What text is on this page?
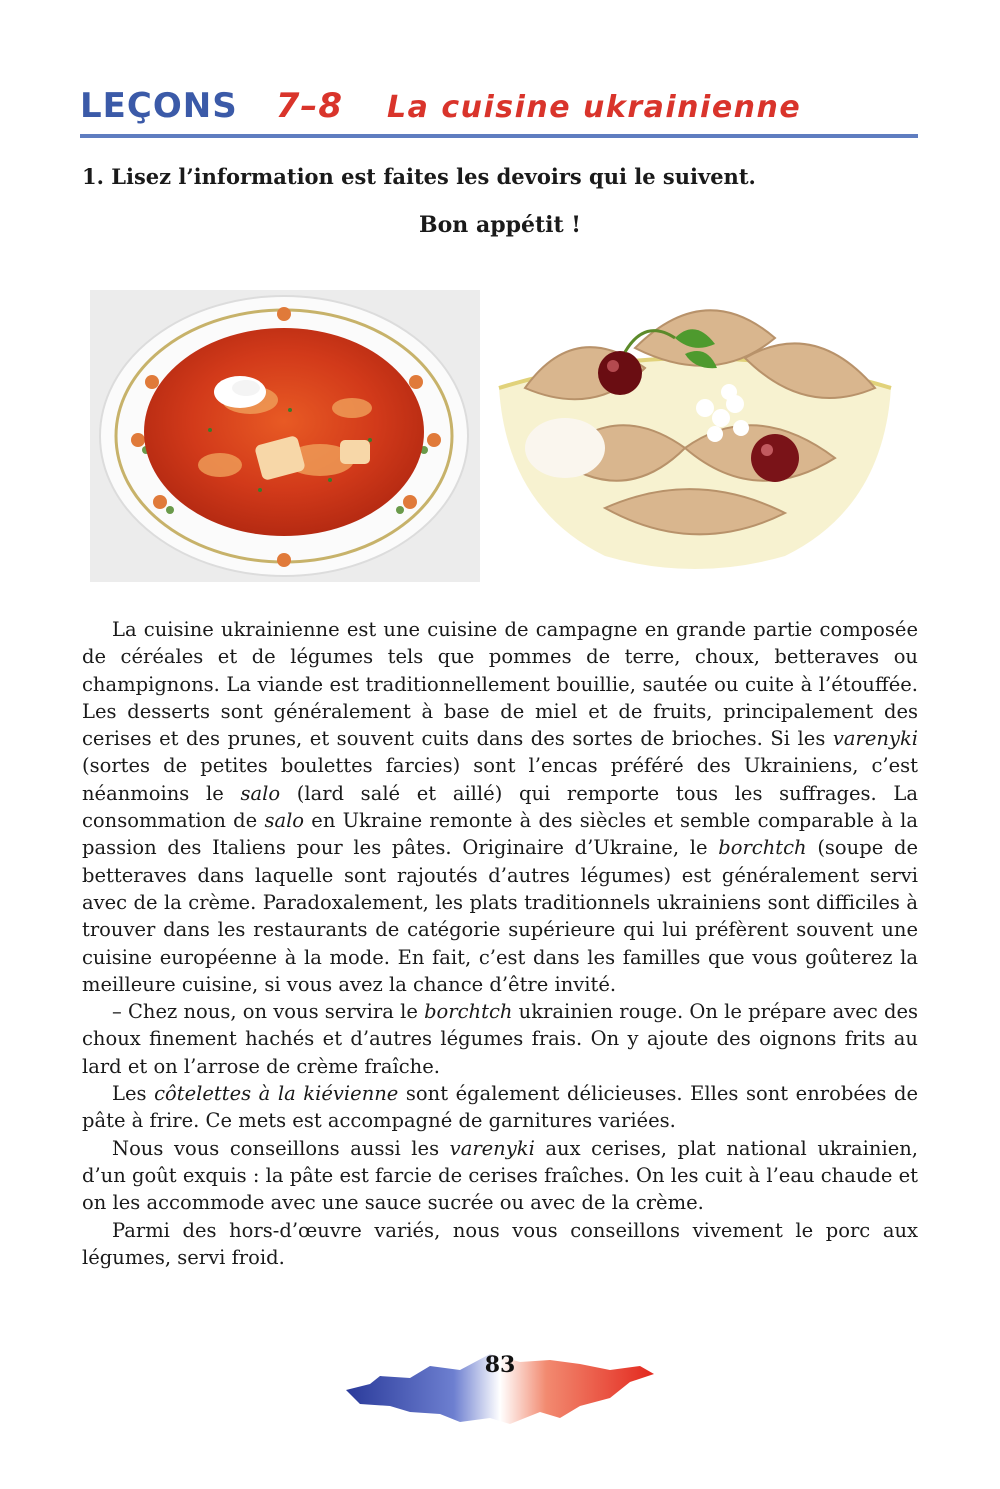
LEÇONS 7–8 La cuisine ukrainienne
1. Lisez l’information est faites les devoirs qui le suivent.
Bon appétit !

La cuisine ukrainienne est une cuisine de campagne en grande partie composée de céréales et de légumes tels que pommes de terre, choux, betteraves ou champignons. La viande est traditionnellement bouillie, sautée ou cuite à l’étouffée. Les desserts sont généralement à base de miel et de fruits, principalement des cerises et des prunes, et souvent cuits dans des sortes de brioches. Si les varenyki (sortes de petites boulettes farcies) sont l’encas préféré des Ukrainiens, c’est néanmoins le salo (lard salé et aillé) qui remporte tous les suffrages. La consommation de salo en Ukraine remonte à des siècles et semble comparable à la passion des Italiens pour les pâtes. Originaire d’Ukraine, le borchtch (soupe de betteraves dans laquelle sont rajoutés d’autres légumes) est généralement servi avec de la crème. Paradoxalement, les plats traditionnels ukrainiens sont difficiles à trouver dans les restaurants de catégorie supérieure qui lui préfèrent souvent une cuisine européenne à la mode. En fait, c’est dans les familles que vous goûterez la meilleure cuisine, si vous avez la chance d’être invité.

– Chez nous, on vous servira le borchtch ukrainien rouge. On le prépare avec des choux finement hachés et d’autres légumes frais. On y ajoute des oignons frits au lard et on l’arrose de crème fraîche.

Les côtelettes à la kiévienne sont également délicieuses. Elles sont enrobées de pâte à frire. Ce mets est accompagné de garnitures variées.

Nous vous conseillons aussi les varenyki aux cerises, plat national ukrainien, d’un goût exquis : la pâte est farcie de cerises fraîches. On les cuit à l’eau chaude et on les accommode avec une sauce sucrée ou avec de la crème.

Parmi des hors-d’œuvre variés, nous vous conseillons vivement le porc aux légumes, servi froid.

83
